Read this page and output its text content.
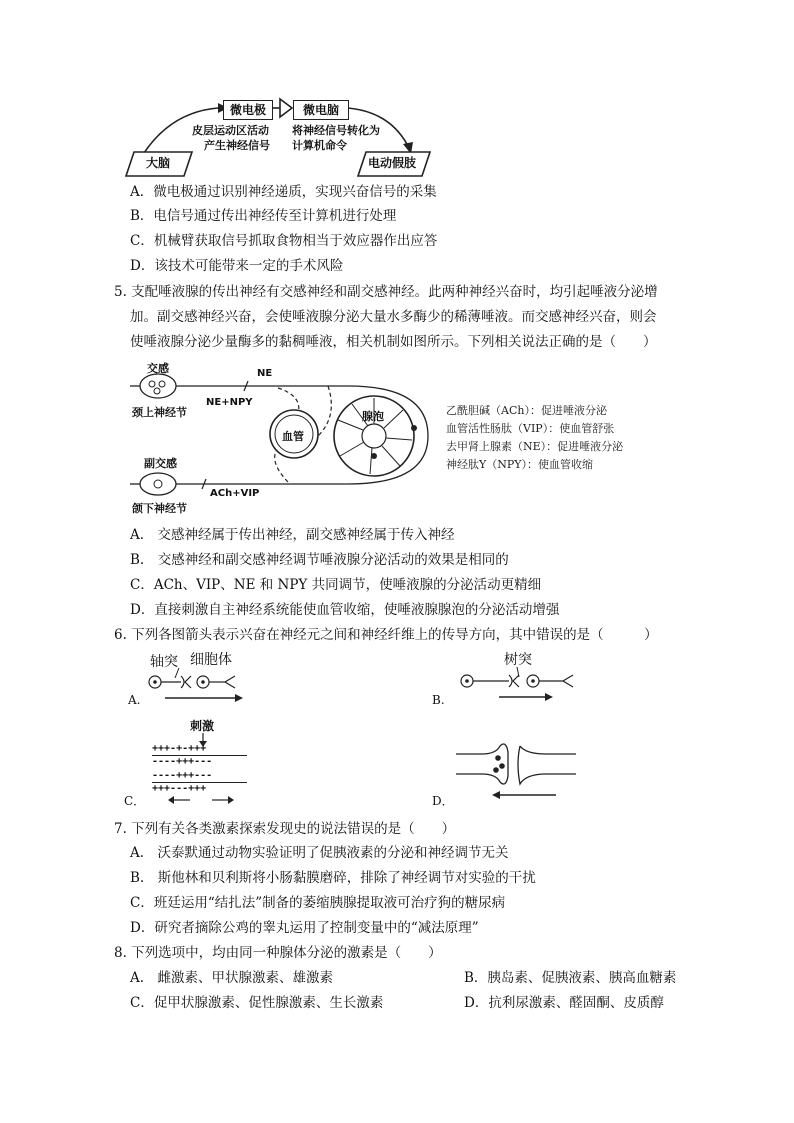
微电极	微电脑
大脑	电动假肢
皮层运动区活动
产生神经信号
将神经信号转化为
计算机命令
A．微电极通过识别神经递质，实现兴奋信号的采集
B．电信号通过传出神经传至计算机进行处理
C．机械臂获取信号抓取食物相当于效应器作出应答
D．该技术可能带来一定的手术风险
5. 支配唾液腺的传出神经有交感神经和副交感神经。此两种神经兴奋时，均引起唾液分泌增
加。副交感神经兴奋，会使唾液腺分泌大量水多酶少的稀薄唾液。而交感神经兴奋，则会
使唾液腺分泌少量酶多的黏稠唾液，相关机制如图所示。下列相关说法正确的是（　　）
交感
颈上神经节
副交感
颌下神经节
NE
NE+NPY
ACh+VIP
血管
腺泡	乙酰胆碱（ACh）：促进唾液分泌
血管活性肠肽（VIP）：使血管舒张
去甲肾上腺素（NE）：促进唾液分泌
神经肽Y（NPY）：使血管收缩
A.　交感神经属于传出神经，副交感神经属于传入神经
B.　交感神经和副交感神经调节唾液腺分泌活动的效果是相同的
C．ACh、VIP、NE 和 NPY 共同调节，使唾液腺的分泌活动更精细
D．直接刺激自主神经系统能使血管收缩，使唾液腺腺泡的分泌活动增强
6. 下列各图箭头表示兴奋在神经元之间和神经纤维上的传导方向，其中错误的是（　　　）
轴突 细胞体
A.
树突
B.
刺激
+++-+-+++
----+++---
----+++---
+++---+++
C．	D．
7. 下列有关各类激素探索发现史的说法错误的是（　　）
A.　沃泰默通过动物实验证明了促胰液素的分泌和神经调节无关
B.　斯他林和贝利斯将小肠黏膜磨碎，排除了神经调节对实验的干扰
C．班廷运用“结扎法”制备的萎缩胰腺提取液可治疗狗的糖尿病
D．研究者摘除公鸡的睾丸运用了控制变量中的“减法原理”
8. 下列选项中，均由同一种腺体分泌的激素是（　　）
A.　雌激素、甲状腺激素、雄激素	B．胰岛素、促胰液素、胰高血糖素
C．促甲状腺激素、促性腺激素、生长激素	D．抗利尿激素、醛固酮、皮质醇
